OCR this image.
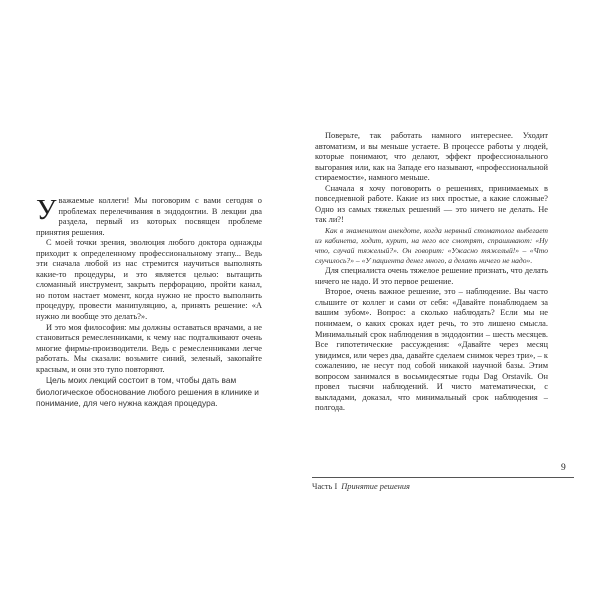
Уважаемые коллеги! Мы поговорим с вами сегодня о проблемах перелечивания в эндодонтии. В лекции два раздела, первый из которых посвящен проблеме принятия решения.

С моей точки зрения, эволюция любого доктора однажды приходит к определенному профессиональному этапу... Ведь эти сначала любой из нас стремится научиться выполнять какие-то процедуры, и это является целью: вытащить сломанный инструмент, закрыть перфорацию, пройти канал, но потом настает момент, когда нужно не просто выполнить процедуру, провести манипуляцию, а, принять решение: «А нужно ли вообще это делать?».

И это моя философия: мы должны оставаться врачами, а не становиться ремесленниками, к чему нас подталкивают очень многие фирмы-производители. Ведь с ремесленниками легче работать. Мы сказали: возьмите синий, зеленый, закопайте красным, и они это тупо повторяют.

Цель моих лекций состоит в том, чтобы дать вам биологическое обоснование любого решения в клинике и понимание, для чего нужна каждая процедура.

Поверьте, так работать намного интереснее. Уходит автоматизм, и вы меньше устаете. В процессе работы у людей, которые понимают, что делают, эффект профессионального выгорания или, как на Западе его называют, «профессиональной стираемости», намного меньше.

Сначала я хочу поговорить о решениях, принимаемых в повседневной работе. Какие из них простые, а какие сложные? Одно из самых тяжелых решений — это ничего не делать. Не так ли?!

Как в знаменитом анекдоте, когда нервный стоматолог выбегает из кабинета, ходит, курит, на него все смотрят, спрашивают: «Ну что, случай тяжелый?». Он говорит: «Ужасно тяжелый!» – «Что случилось?» – «У пациента денег много, а делать ничего не надо».

Для специалиста очень тяжелое решение признать, что делать ничего не надо. И это первое решение.

Второе, очень важное решение, это – наблюдение. Вы часто слышите от коллег и сами от себя: «Давайте понаблюдаем за вашим зубом». Вопрос: а сколько наблюдать? Если мы не понимаем, о каких сроках идет речь, то это лишено смысла. Минимальный срок наблюдения в эндодонтии – шесть месяцев. Все гипотетические рассуждения: «Давайте через месяц увидимся, или через два, давайте сделаем снимок через три», – к сожалению, не несут под собой никакой научной базы. Этим вопросом занимался в восьмидесятые годы Dag Orstavik. Он провел тысячи наблюдений. И чисто математически, с выкладами, доказал, что минимальный срок наблюдения – полгода.

9
Часть I Принятие решения
